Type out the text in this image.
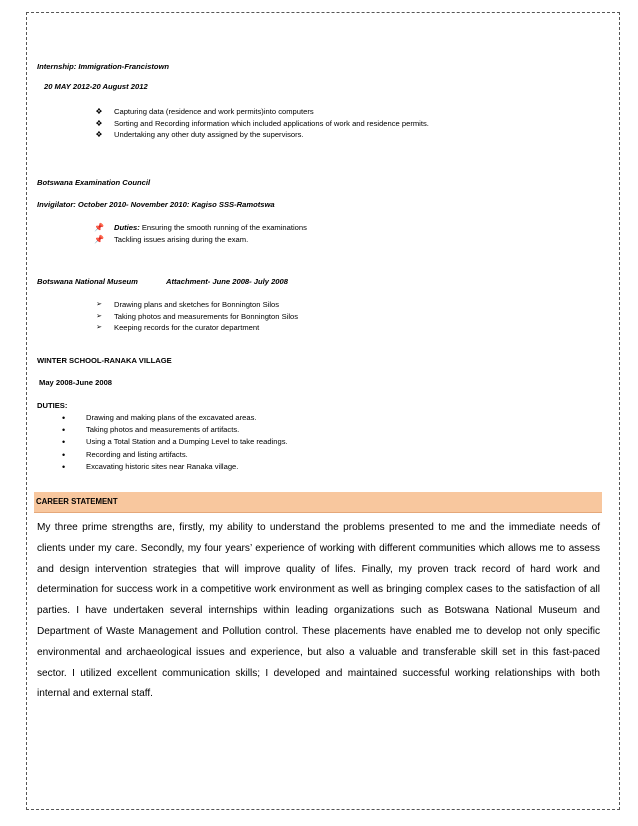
Internship: Immigration-Francistown
20 MAY 2012-20 August 2012
❖	Capturing data (residence and work permits)into computers
❖	Sorting and Recording information which included applications of work and residence permits.
❖	Undertaking any other duty assigned by the supervisors.
Botswana Examination Council
Invigilator: October 2010- November 2010: Kagiso SSS-Ramotswa
📌 Duties: Ensuring the smooth running of the examinations
📌 Tackling issues arising during the exam.
Botswana National Museum	Attachment- June 2008- July 2008
➢	Drawing plans and sketches for Bonnington Silos
➢	Taking photos and measurements for Bonnington Silos
➢	Keeping records for the curator department
WINTER SCHOOL-RANAKA VILLAGE
May 2008-June 2008
DUTIES:
•	Drawing and making plans of the excavated areas.
•	Taking photos and measurements of artifacts.
•	Using a Total Station and a Dumping Level to take readings.
•	Recording and listing artifacts.
•	Excavating historic sites near Ranaka village.
CAREER STATEMENT
My three prime strengths are, firstly, my ability to understand the problems presented to me and the immediate needs of clients under my care. Secondly, my four years’ experience of working with different communities which allows me to assess and design intervention strategies that will improve quality of lifes. Finally, my proven track record of hard work and determination for success work in a competitive work environment as well as bringing complex cases to the satisfaction of all parties. I have undertaken several internships within leading organizations such as Botswana National Museum and Department of Waste Management and Pollution control. These placements have enabled me to develop not only specific environmental and archaeological issues and experience, but also a valuable and transferable skill set in this fast-paced sector. I utilized excellent communication skills; I developed and maintained successful working relationships with both internal and external staff.
